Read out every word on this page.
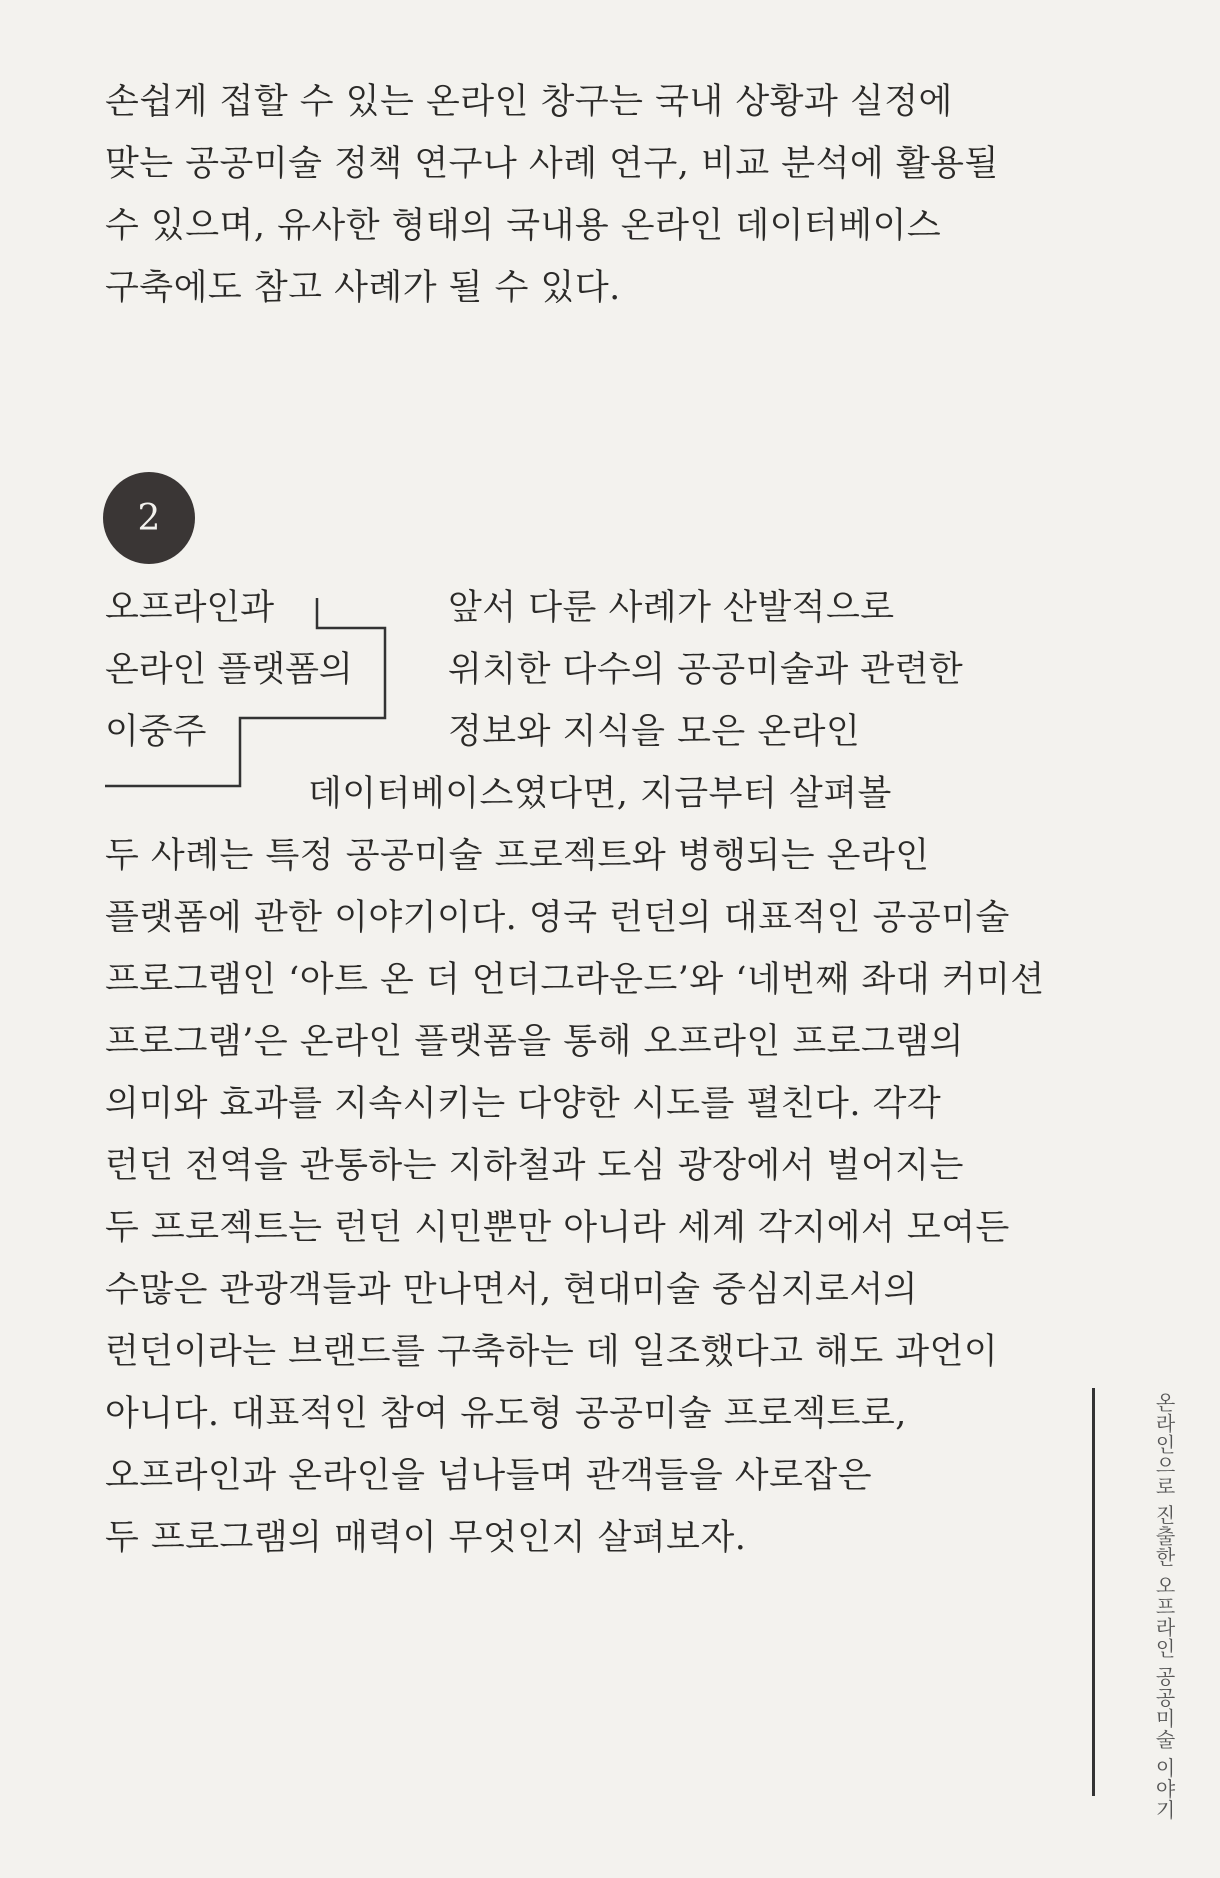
손쉽게 접할 수 있는 온라인 창구는 국내 상황과 실정에
맞는 공공미술 정책 연구나 사례 연구, 비교 분석에 활용될
수 있으며, 유사한 형태의 국내용 온라인 데이터베이스
구축에도 참고 사례가 될 수 있다.
2
오프라인과
온라인 플랫폼의
이중주
앞서 다룬 사례가 산발적으로
위치한 다수의 공공미술과 관련한
정보와 지식을 모은 온라인
데이터베이스였다면, 지금부터 살펴볼
두 사례는 특정 공공미술 프로젝트와 병행되는 온라인
플랫폼에 관한 이야기이다. 영국 런던의 대표적인 공공미술
프로그램인 ‘아트 온 더 언더그라운드’와 ‘네번째 좌대 커미션
프로그램’은 온라인 플랫폼을 통해 오프라인 프로그램의
의미와 효과를 지속시키는 다양한 시도를 펼친다. 각각
런던 전역을 관통하는 지하철과 도심 광장에서 벌어지는
두 프로젝트는 런던 시민뿐만 아니라 세계 각지에서 모여든
수많은 관광객들과 만나면서, 현대미술 중심지로서의
런던이라는 브랜드를 구축하는 데 일조했다고 해도 과언이
아니다. 대표적인 참여 유도형 공공미술 프로젝트로,
오프라인과 온라인을 넘나들며 관객들을 사로잡은
두 프로그램의 매력이 무엇인지 살펴보자.	온라인으로 진출한 오프라인 공공미술 이야기
